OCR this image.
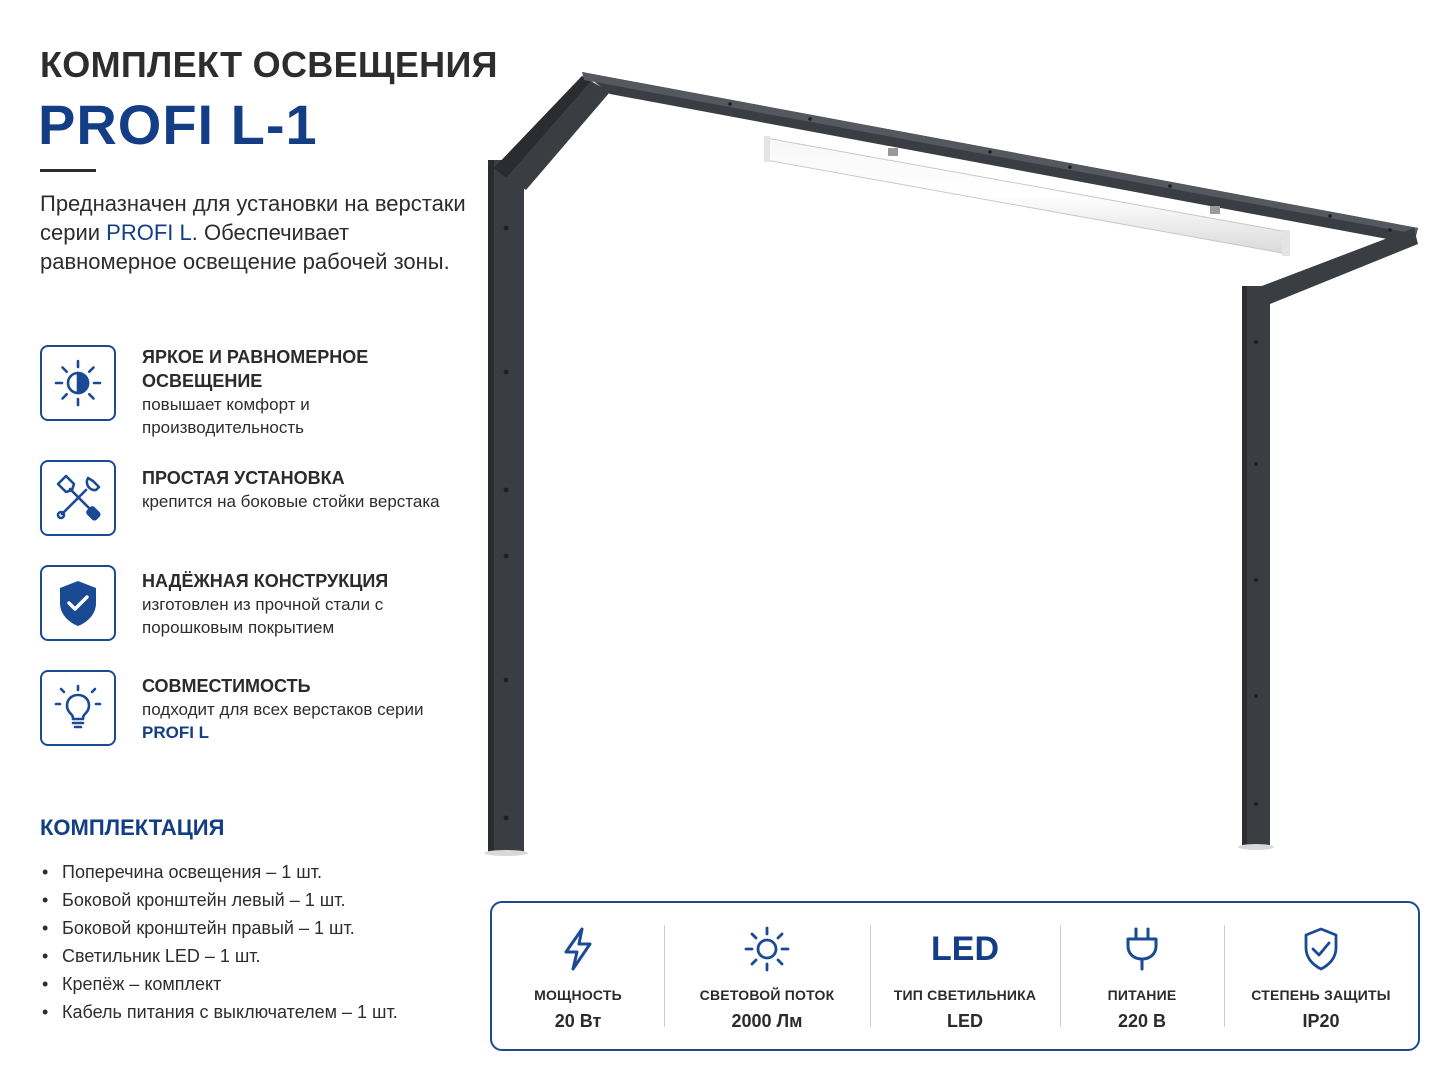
КОМПЛЕКТ ОСВЕЩЕНИЯ
PROFI L-1

Предназначен для установки на верстаки серии PROFI L. Обеспечивает равномерное освещение рабочей зоны.

ЯРКОЕ И РАВНОМЕРНОЕ ОСВЕЩЕНИЕ
повышает комфорт и производительность
ПРОСТАЯ УСТАНОВКА
крепится на боковые стойки верстака
НАДЁЖНАЯ КОНСТРУКЦИЯ
изготовлен из прочной стали с порошковым покрытием
СОВМЕСТИМОСТЬ
подходит для всех верстаков серии PROFI L
КОМПЛЕКТАЦИЯ
• Поперечина освещения – 1 шт.
• Боковой кронштейн левый – 1 шт.
• Боковой кронштейн правый – 1 шт.
• Светильник LED – 1 шт.
• Крепёж – комплект
• Кабель питания с выключателем – 1 шт.
МОЩНОСТЬ
20 Вт
СВЕТОВОЙ ПОТОК
2000 Лм
LED
ТИП СВЕТИЛЬНИКА
LED
ПИТАНИЕ
220 В
СТЕПЕНЬ ЗАЩИТЫ
IP20
